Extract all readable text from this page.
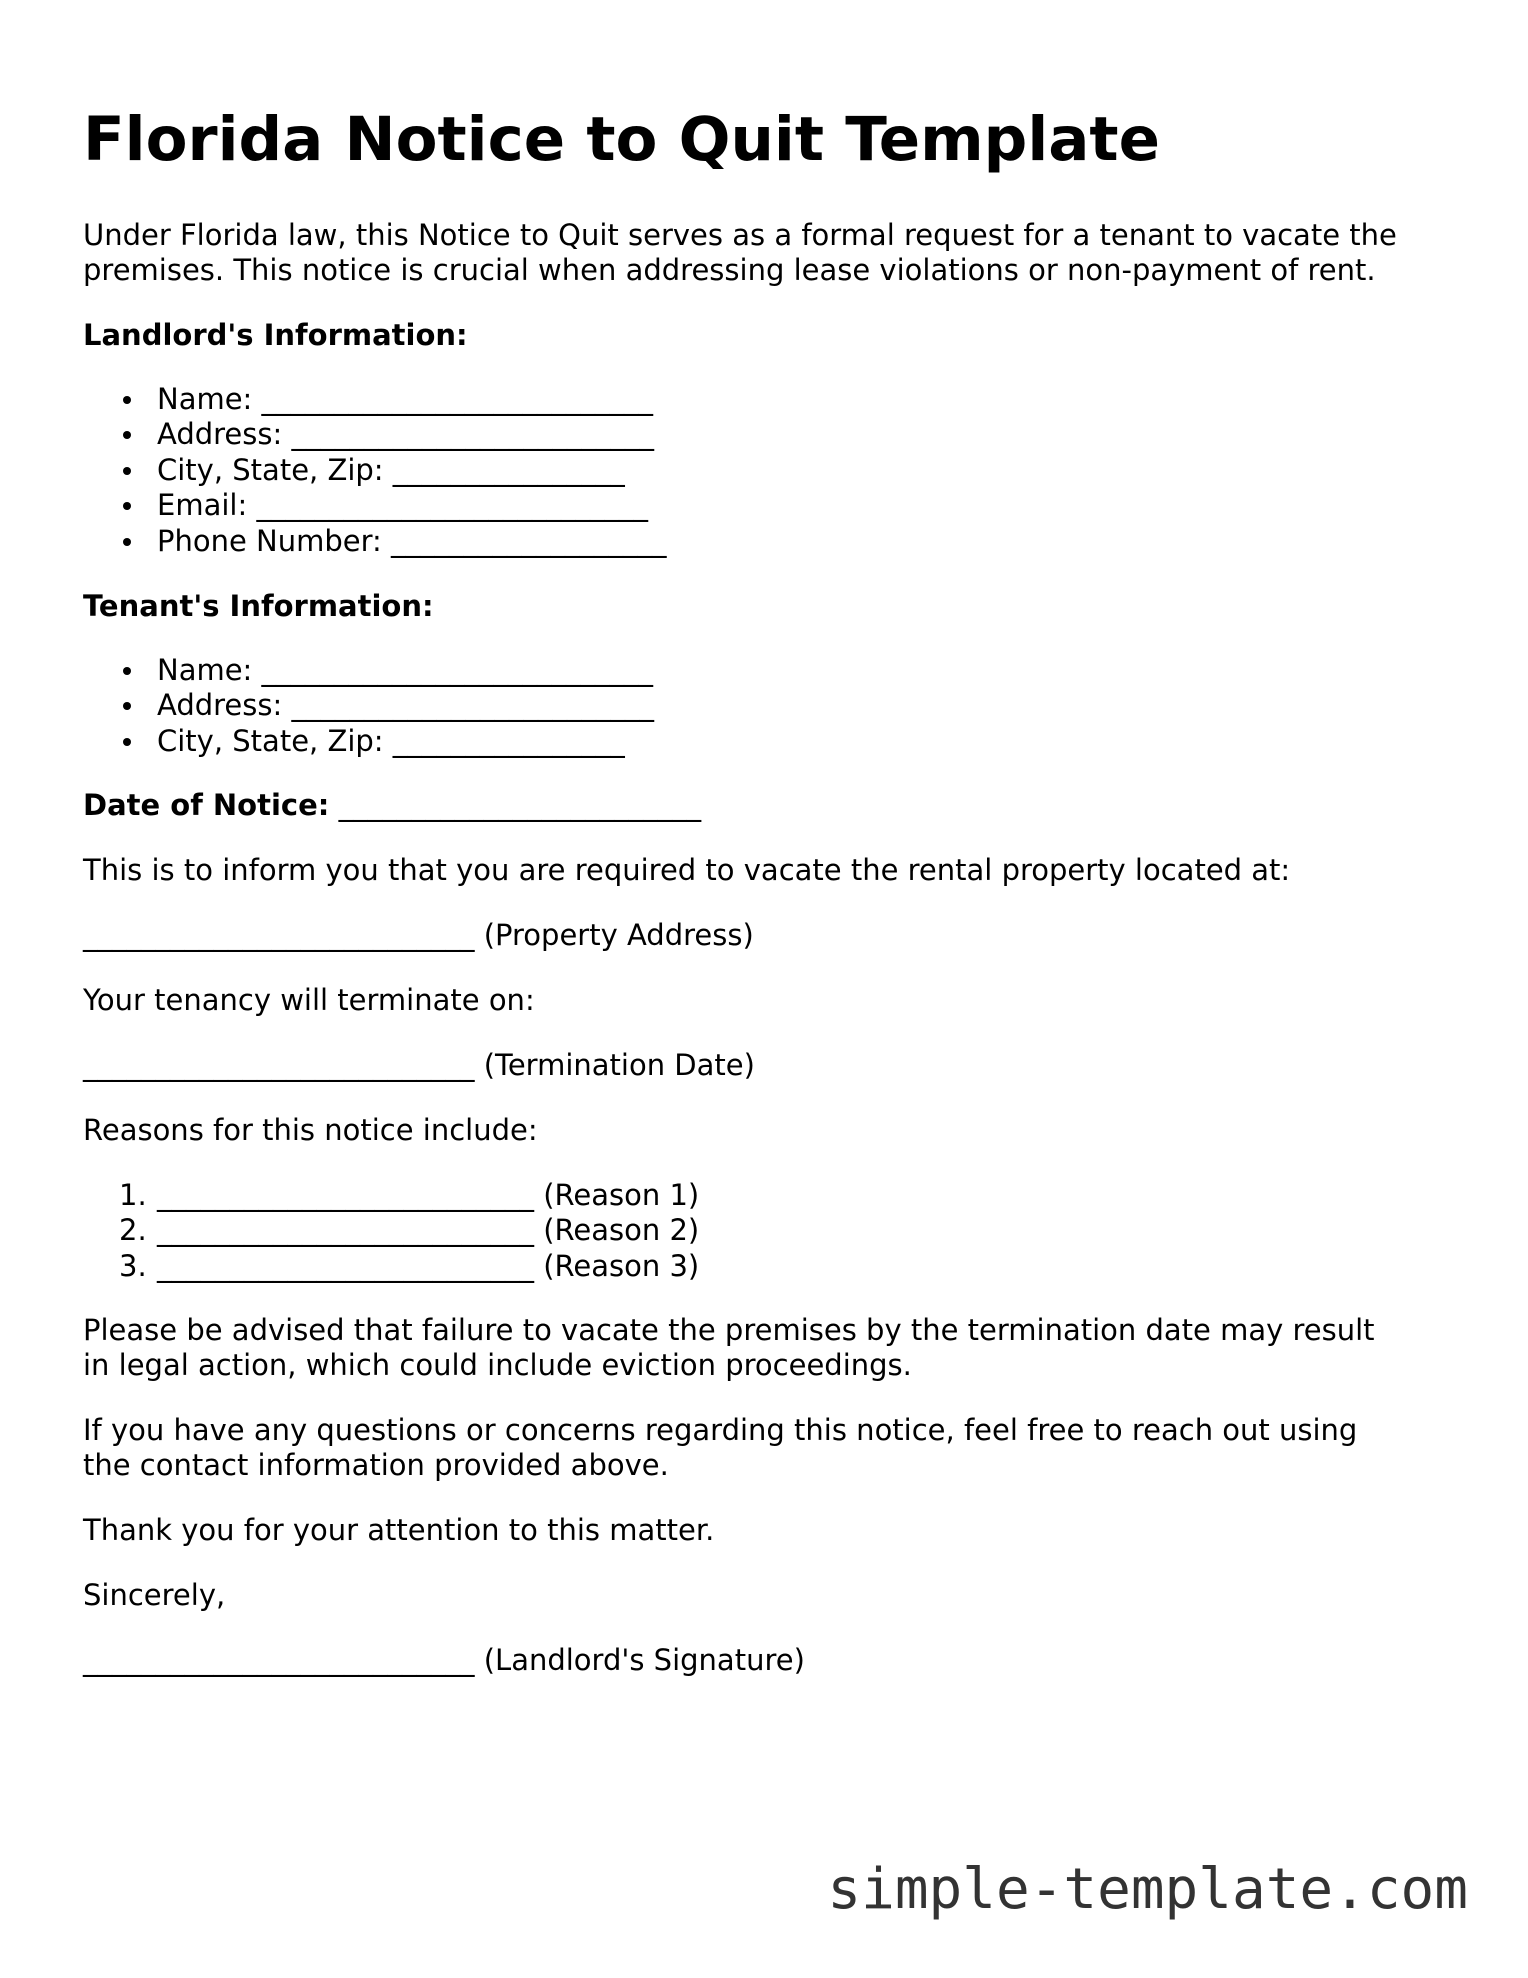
Florida Notice to Quit Template

Under Florida law, this Notice to Quit serves as a formal request for a tenant to vacate the

premises. This notice is crucial when addressing lease violations or non-payment of rent.

Landlord's Information:

Name: ___________________________
Address: _________________________
City, State, Zip: ________________
Email: ___________________________
Phone Number: ___________________

Tenant's Information:

Name: ___________________________
Address: _________________________
City, State, Zip: ________________

Date of Notice: _________________________

This is to inform you that you are required to vacate the rental property located at:

___________________________ (Property Address)

Your tenancy will terminate on:

___________________________ (Termination Date)

Reasons for this notice include:

1. __________________________ (Reason 1)
2. __________________________ (Reason 2)
3. __________________________ (Reason 3)

Please be advised that failure to vacate the premises by the termination date may result

in legal action, which could include eviction proceedings.

If you have any questions or concerns regarding this notice, feel free to reach out using

the contact information provided above.

Thank you for your attention to this matter.

Sincerely,

___________________________ (Landlord's Signature)

simple-template.com
